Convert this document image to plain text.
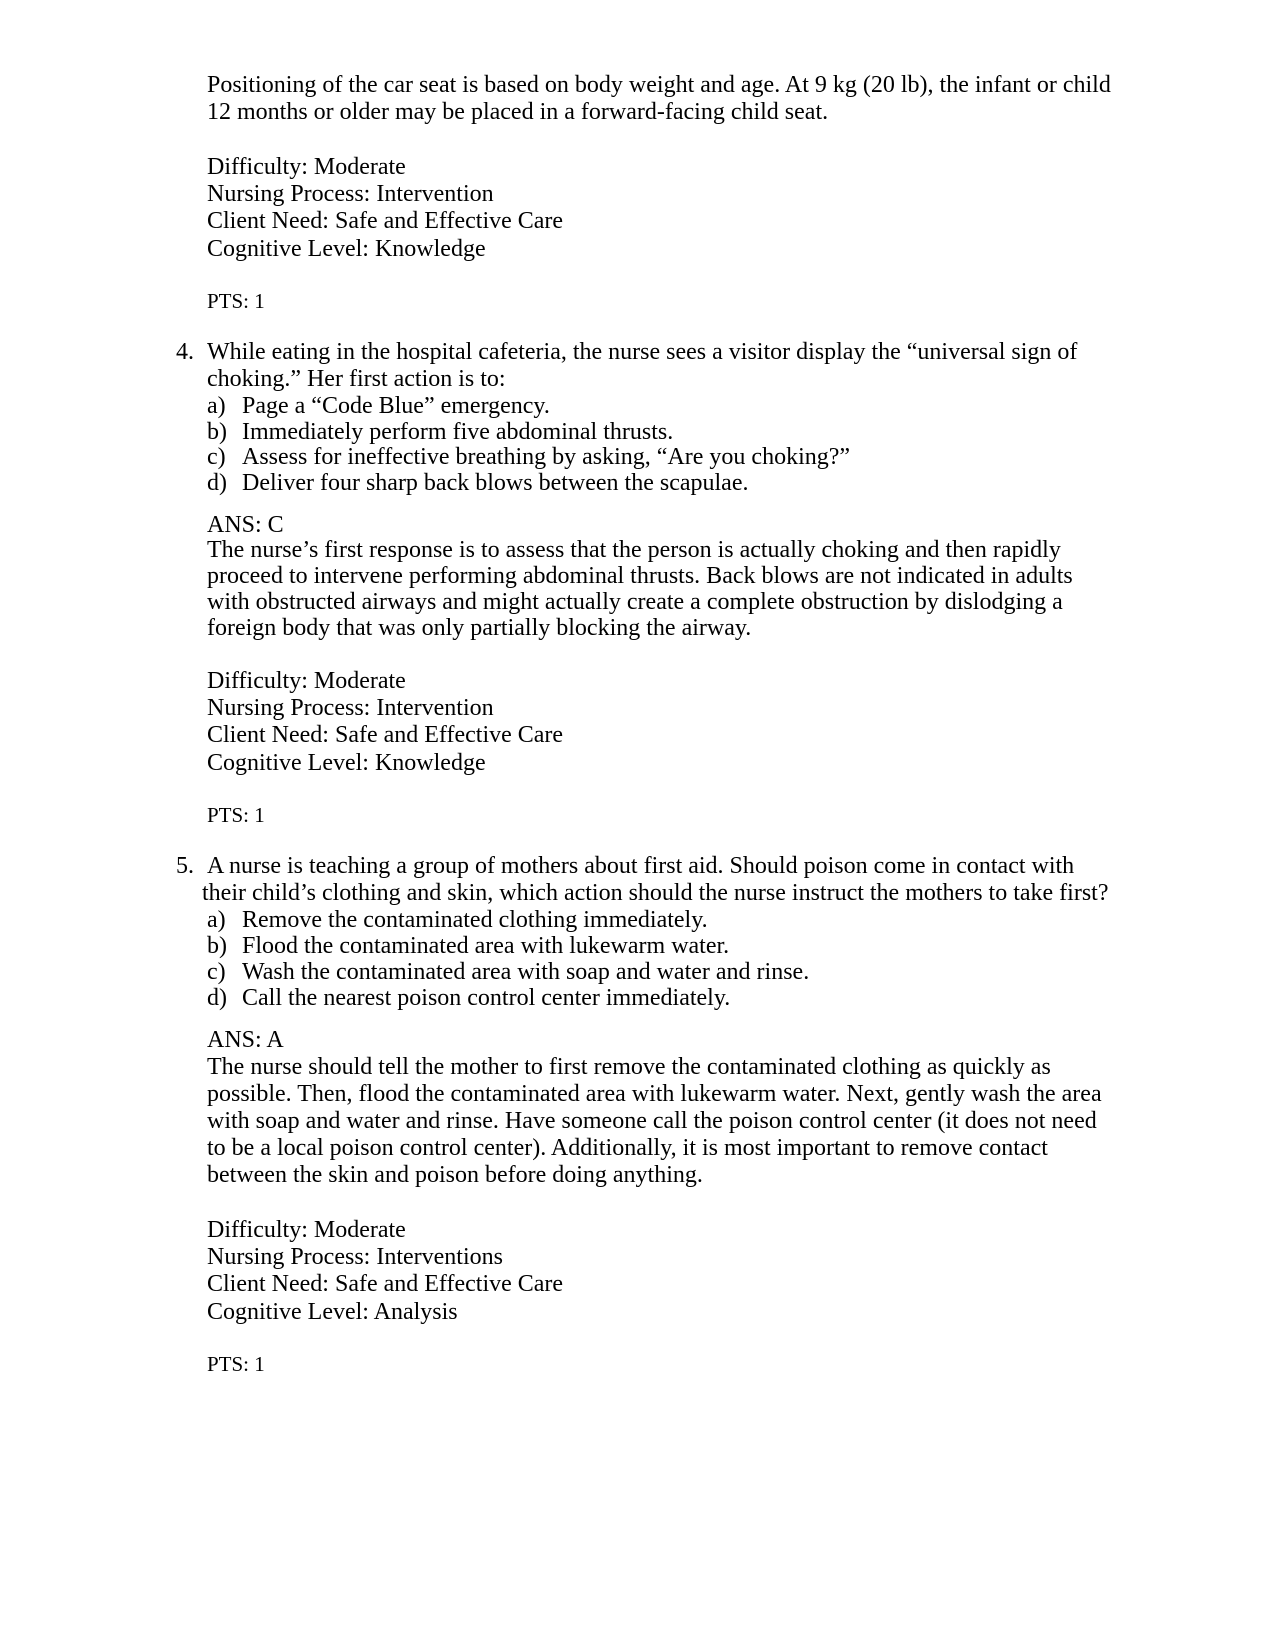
Positioning of the car seat is based on body weight and age. At 9 kg (20 lb), the infant or child
12 months or older may be placed in a forward-facing child seat.
Difficulty: Moderate
Nursing Process: Intervention
Client Need: Safe and Effective Care
Cognitive Level: Knowledge
PTS: 1
4. While eating in the hospital cafeteria, the nurse sees a visitor display the “universal sign of
choking.” Her first action is to:
a) Page a “Code Blue” emergency.
b) Immediately perform five abdominal thrusts.
c) Assess for ineffective breathing by asking, “Are you choking?”
d) Deliver four sharp back blows between the scapulae.
ANS: C
The nurse’s first response is to assess that the person is actually choking and then rapidly
proceed to intervene performing abdominal thrusts. Back blows are not indicated in adults
with obstructed airways and might actually create a complete obstruction by dislodging a
foreign body that was only partially blocking the airway.
Difficulty: Moderate
Nursing Process: Intervention
Client Need: Safe and Effective Care
Cognitive Level: Knowledge
PTS: 1
5. A nurse is teaching a group of mothers about first aid. Should poison come in contact with
their child’s clothing and skin, which action should the nurse instruct the mothers to take first?
a) Remove the contaminated clothing immediately.
b) Flood the contaminated area with lukewarm water.
c) Wash the contaminated area with soap and water and rinse.
d) Call the nearest poison control center immediately.
ANS: A
The nurse should tell the mother to first remove the contaminated clothing as quickly as
possible. Then, flood the contaminated area with lukewarm water. Next, gently wash the area
with soap and water and rinse. Have someone call the poison control center (it does not need
to be a local poison control center). Additionally, it is most important to remove contact
between the skin and poison before doing anything.
Difficulty: Moderate
Nursing Process: Interventions
Client Need: Safe and Effective Care
Cognitive Level: Analysis
PTS: 1
